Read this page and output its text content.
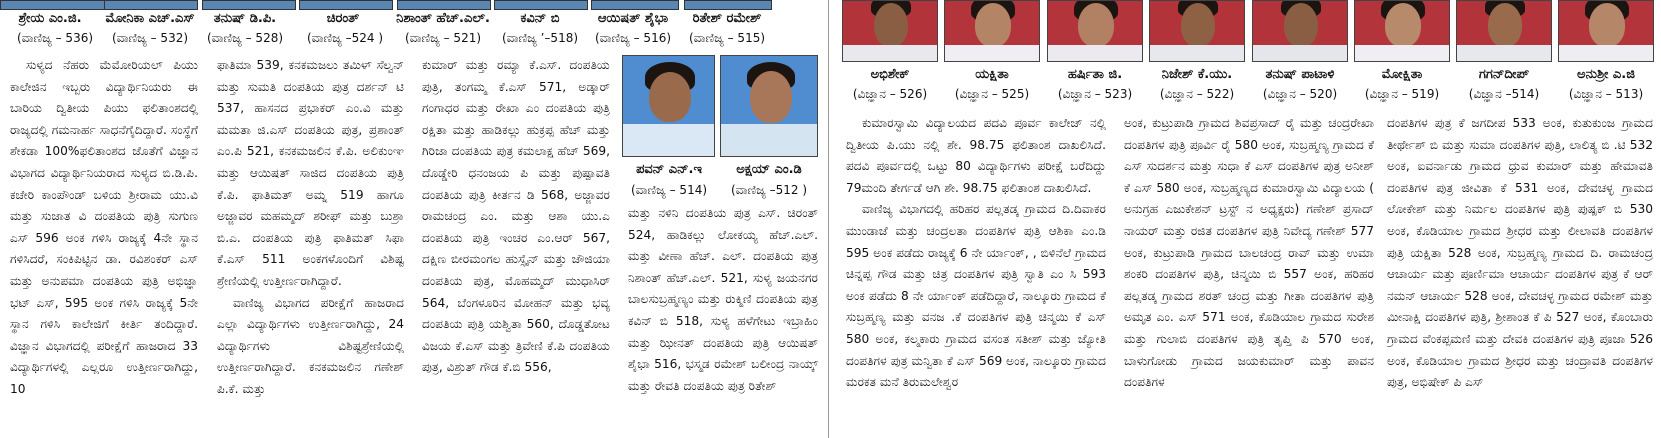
ಶ್ರೇಯ ಎಂ.ಜಿ.
(ವಾಣಿಜ್ಯ – 536)
ಮೋನಿಕಾ ಎಚ್.ಎಸ್
(ವಾಣಿಜ್ಯ – 532)
ತನುಷ್ ಡಿ.ಪಿ.
(ವಾಣಿಜ್ಯ – 528)
ಚಿರಂತ್
(ವಾಣಿಜ್ಯ –524 )
ನಿಶಾಂತ್ ಹೆಚ್.ಎಲ್.
(ವಾಣಿಜ್ಯ – 521)
ಕವಿನ್ ಬಿ
(ವಾಣಿಜ್ಯ ’–518)
ಆಯಿಷತ್ ಶೈಭಾ
(ವಾಣಿಜ್ಯ – 516)
ರಿತೇಶ್ ರಮೇಶ್
(ವಾಣಿಜ್ಯ – 515)
ಪವನ್ ಎನ್.ಇ
(ವಾಣಿಜ್ಯ – 514)
ಅಕ್ಷಯ್ ಎಂ.ಡಿ
(ವಾಣಿಜ್ಯ –512 )
ಅಭಿಶೇಕ್
(ವಿಜ್ಞಾನ – 526)
ಯಕ್ಷಿತಾ
(ವಿಜ್ಞಾನ – 525)
ಹರ್ಷಿತಾ ಜಿ.
(ವಿಜ್ಞಾನ – 523)
ನಿಜೇಶ್ ಕೆ.ಯು.
(ವಿಜ್ಞಾನ – 522)
ತನುಷ್ ಪಾಟಾಳಿ
(ವಿಜ್ಞಾನ – 520)
ಮೋಕ್ಷಿತಾ
(ವಿಜ್ಞಾನ – 519)
ಗಗನ್‌ದೀಪ್
(ವಿಜ್ಞಾನ –514)
ಅನುಶ್ರೀ ಎ.ಜಿ
(ವಿಜ್ಞಾನ – 513)

ಸುಳ್ಯದ ನೆಹರು ಮೆಮೋರಿಯಲ್ ಪಿಯು ಕಾಲೇಜಿನ ಇಬ್ಬರು ವಿದ್ಯಾರ್ಥಿನಿಯರು ಈ ಬಾರಿಯ ದ್ವಿತೀಯ ಪಿಯು ಫಲಿತಾಂಶದಲ್ಲಿ ರಾಜ್ಯದಲ್ಲಿ ಗಮನಾರ್ಹ ಸಾಧನೆಗೈದಿದ್ದಾರೆ. ಸಂಸ್ಥೆಗೆ ಶೇಕಡಾ 100%ಫಲಿತಾಂಶದ ಜೊತೆಗೆ ವಿಜ್ಞಾನ ವಿಭಾಗದ ವಿದ್ಯಾರ್ಥಿನಿಯರಾದ ಸುಳ್ಯದ ಬಿ.ಡಿ.ಪಿ. ಕಚೇರಿ ಕಾಂಪೌಂಡ್ ಬಳಿಯ ಶ್ರೀರಾಮ ಯು.ವಿ ಮತ್ತು ಸುಜಾತ ವಿ ದಂಪತಿಯ ಪುತ್ರಿ ಸುಗುಣ ಎಸ್ 596 ಅಂಕ ಗಳಿಸಿ ರಾಜ್ಯಕ್ಕೆ 4ನೇ ಸ್ಥಾನ ಗಳಿಸಿದರೆ, ಸಂಕಿಪಿಟ್ಟಿನ ಡಾ. ರವಿಶಂಕರ್ ಎಸ್ ಮತ್ತು ಅನುಪಮಾ ದಂಪತಿಯ ಪುತ್ರಿ ಅಭಿಜ್ಞಾ ಭಟ್ ಎಸ್, 595 ಅಂಕ ಗಳಿಸಿ ರಾಜ್ಯಕ್ಕೆ 5ನೇ ಸ್ಥಾನ ಗಳಿಸಿ ಕಾಲೇಜಿಗೆ ಕೀರ್ತಿ ತಂದಿದ್ದಾರೆ. ವಿಜ್ಞಾನ ವಿಭಾಗದಲ್ಲಿ ಪರೀಕ್ಷೆಗೆ ಹಾಜರಾದ 33 ವಿದ್ಯಾರ್ಥಿಗಳಲ್ಲಿ ಎಲ್ಲರೂ ಉತ್ತೀರ್ಣರಾಗಿದ್ದು, 10

ಫಾತಿಮಾ 539, ಕನಕಮಜಲು ತಮಿಳ್ ಸೆಲ್ವನ್ ಮತ್ತು ಸುಮತಿ ದಂಪತಿಯ ಪುತ್ರ ದರ್ಶನ್ ಟಿ 537, ಹಾಸನದ ಪ್ರಭಾಕರ್ ಎಂ.ವಿ ಮತ್ತು ಮಮತಾ ಜಿ.ಎಸ್ ದಂಪತಿಯ ಪುತ್ರ, ಪ್ರಶಾಂತ್ ಎಂ.ಪಿ 521, ಕನಕಮಜಲಿನ ಕೆ.ಪಿ. ಅಲಿಕುಂಞ ಮತ್ತು ಆಯಿಷತ್ ಸಾಜಿದ ದಂಪತಿಯ ಪುತ್ರಿ ಕೆ.ಪಿ. ಫಾತಿಮತ್ ಅಮ್ನ 519 ಹಾಗೂ ಅಜ್ಜಾವರ ಮಹಮ್ಮದ್ ಶರೀಫ್ ಮತ್ತು ಬುಶ್ರಾ ಬಿ.ಎ. ದಂಪತಿಯ ಪುತ್ರಿ ಫಾತಿಮತ್ ಸಿಫಾ ಕೆ.ಎಸ್ 511 ಅಂಕಗಳೊಂದಿಗೆ ವಿಶಿಷ್ಟ ಶ್ರೇಣಿಯಲ್ಲಿ ಉತ್ತೀರ್ಣರಾಗಿದ್ದಾರೆ.

ವಾಣಿಜ್ಯ ವಿಭಾಗದ ಪರೀಕ್ಷೆಗೆ ಹಾಜರಾದ ಎಲ್ಲಾ ವಿದ್ಯಾರ್ಥಿಗಳು ಉತ್ತೀರ್ಣರಾಗಿದ್ದು, 24 ವಿದ್ಯಾರ್ಥಿಗಳು ವಿಶಿಷ್ಟಶ್ರೇಣಿಯಲ್ಲಿ ಉತ್ತೀರ್ಣರಾಗಿದ್ದಾರೆ. ಕನಕಮಜಲಿನ ಗಣೇಶ್ ಪಿ.ಕೆ. ಮತ್ತು

ಕುಮಾರ್ ಮತ್ತು ರಮ್ಯಾ ಕೆ.ಎಸ್. ದಂಪತಿಯ ಪುತ್ರಿ, ತಂಗಮ್ಮ ಕೆ.ಎಸ್ 571, ಅಡ್ಕಾರ್ ಗಂಗಾಧರ ಮತ್ತು ರೇಖಾ ಎಂ ದಂಪತಿಯ ಪುತ್ರಿ ರಕ್ಷಿತಾ ಮತ್ತು ಹಾಡಿಕಲ್ಲು ಹುಕ್ರಪ್ಪ ಹೆಚ್ ಮತ್ತು ಗಿರಿಜಾ ದಂಪತಿಯ ಪುತ್ರ ಕಮಲಾಕ್ಷ ಹೆಚ್ 569, ದೊಡ್ಡೇರಿ ಧನಂಜಯ ಪಿ ಮತ್ತು ಪುಷ್ಪಾವತಿ ದಂಪತಿಯ ಪುತ್ರಿ ಕೀರ್ತನ ಡಿ 568, ಅಜ್ಜಾವರ ರಾಮಚಂದ್ರ ಎಂ. ಮತ್ತು ಆಶಾ ಯು.ಎ ದಂಪತಿಯ ಪುತ್ರಿ ಇಂಚರ ಎಂ.ಆರ್ 567, ದಕ್ಷಿಣ ಬೀರಮಂಗಲ ಹುಸ್ಸೈನ್ ಮತ್ತು ಜೌಜಿಯಾ ದಂಪತಿಯ ಪುತ್ರ, ಮೊಹಮ್ಮದ್ ಮುಧಾಸಿರ್ 564, ಬೆಂಗಳೂರಿನ ಮೋಹನ್ ಮತ್ತು ಭವ್ಯ ದಂಪತಿಯ ಪುತ್ರಿ ಯಶ್ವಿತಾ 560, ದೊಡ್ಡತೋಟ ವಿಜಯ ಕೆ.ಎಸ್ ಮತ್ತು ತ್ರಿವೇಣಿ ಕೆ.ಪಿ ದಂಪತಿಯ ಪುತ್ರ, ವಿಶ್ರುತ್ ಗೌಡ ಕೆ.ಬಿ 556,

ಮತ್ತು ನಳಿನಿ ದಂಪತಿಯ ಪುತ್ರ ಎಸ್. ಚಿರಂತ್ 524, ಹಾಡಿಕಲ್ಲು ಲೋಕಯ್ಯ ಹೆಚ್.ಎಲ್. ಮತ್ತು ವೀಣಾ ಹೆಚ್. ಎಲ್. ದಂಪತಿಯ ಪುತ್ರ ನಿಶಾಂತ್ ಹೆಚ್.ಎಲ್. 521, ಸುಳ್ಯ ಜಯನಗರ ಬಾಲಸುಬ್ರಹ್ಮಣ್ಯಂ ಮತ್ತು ರುಕ್ಮಿಣಿ ದಂಪತಿಯ ಪುತ್ರ ಕವಿನ್ ಬಿ 518, ಸುಳ್ಯ ಹಳೆಗೇಟು ಇಬ್ರಾಹಿಂ ಮತ್ತು ಝೀನತ್ ದಂಪತಿಯ ಪುತ್ರಿ ಆಯಿಷತ್ ಶೈಭಾ 516, ಭಸ್ಮಡ ರಮೇಶ್ ಬಲೀಂದ್ರ ನಾಯ್ಕ್ ಮತ್ತು ರೇವತಿ ದಂಪತಿಯ ಪುತ್ರ ರಿತೇಶ್

ಕುಮಾರಸ್ವಾಮಿ ವಿದ್ಯಾಲಯದ ಪದವಿ ಪೂರ್ವ ಕಾಲೇಜ್ ನಲ್ಲಿ ದ್ವಿತೀಯ ಪಿ.ಯು ನಲ್ಲಿ ಶೇ. 98.75 ಫಲಿತಾಂಶ ದಾಖಲಿಸಿದೆ. ಪದವಿ ಪೂರ್ವದಲ್ಲಿ ಒಟ್ಟು 80 ವಿದ್ಯಾರ್ಥಿಗಳು ಪರೀಕ್ಷೆ ಬರೆದಿದ್ದು 79ಮಂದಿ ತೇರ್ಗಡೆ ಆಗಿ ಶೇ. 98.75 ಫಲಿತಾಂಶ ದಾಖಲಿಸಿದೆ.

ವಾಣಿಜ್ಯ ವಿಭಾಗದಲ್ಲಿ ಹರಿಹರ ಪಲ್ಲತಡ್ಕ ಗ್ರಾಮದ ದಿ.ದಿವಾಕರ ಮುಂಡಾಜೆ ಮತ್ತು ಚಂದ್ರಲತಾ ದಂಪತಿಗಳ ಪುತ್ರಿ ಆಶಿಕಾ ಎಂ.ಡಿ 595 ಅಂಕ ಪಡೆದು ರಾಜ್ಯಕ್ಕೆ 6 ನೇ ರ್ಯಾಂಕ್, , ಬಿಳಿನೆಲೆ ಗ್ರಾಮದ ಚಿನ್ನಪ್ಪ ಗೌಡ ಮತ್ತು ಚಿತ್ರ ದಂಪತಿಗಳ ಪುತ್ರಿ ಸ್ವಾತಿ ಎಂ ಸಿ 593 ಅಂಕ ಪಡೆದು 8 ನೇ ರ್ಯಾಂಕ್ ಪಡೆದಿದ್ದಾರೆ, ನಾಲ್ಕೂರು ಗ್ರಾಮದ ಕೆ ಸುಬ್ರಹ್ಮಣ್ಯ ಮತ್ತು ವನಜ .ಕೆ ದಂಪತಿಗಳ ಪುತ್ರಿ ಚಿನ್ಮಯಿ ಕೆ ಎಸ್ 580 ಅಂಕ, ಕಲ್ಮಕಾರು ಗ್ರಾಮದ ವಸಂತ ಸತೀಶ್ ಮತ್ತು ಜ್ಯೋತಿ ದಂಪತಿಗಳ ಪುತ್ರ ಮನ್ವಿತಾ ಕೆ ಎಸ್ 569 ಅಂಕ, ನಾಲ್ಕೂರು ಗ್ರಾಮದ ಮರಕತ ಮನೆ ತಿರುಮಲೇಶ್ವರ

ಅಂಕ, ಕುಟ್ರುಪಾಡಿ ಗ್ರಾಮದ ಶಿವಪ್ರಸಾದ್ ರೈ ಮತ್ತು ಚಂದ್ರರೇಖಾ ದಂಪತಿಗಳ ಪುತ್ರಿ ಪೂರ್ವಿ ರೈ 580 ಅಂಕ, ಸುಬ್ರಹ್ಮಣ್ಯ ಗ್ರಾಮದ ಕೆ ಎಸ್ ಸುದರ್ಶನ ಮತ್ತು ಸುಧಾ ಕೆ ಎಸ್ ದಂಪತಿಗಳ ಪುತ್ರ ಅನೀಶ್ ಕೆ ಎಸ್ 580 ಅಂಕ, ಸುಬ್ರಹ್ಮಣ್ಯದ ಕುಮಾರಸ್ವಾಮಿ ವಿದ್ಯಾಲಯ ( ಅನುಗ್ರಹ ಎಜುಕೇಶನ್ ಟ್ರಸ್ಟ್ ನ ಅಧ್ಯಕ್ಷರು) ಗಣೇಶ್ ಪ್ರಸಾದ್ ನಾಯರ್ ಮತ್ತು ರಜಿತ ದಂಪತಿಗಳ ಪುತ್ರಿ ನಿವೇದ್ಯ ಗಣೇಶ್ 577 ಅಂಕ, ಕುಟ್ರುಪಾಡಿ ಗ್ರಾಮದ ಬಾಲಚಂದ್ರ ರಾವ್ ಮತ್ತು ಉಮಾ ಶಂಕರಿ ದಂಪತಿಗಳ ಪುತ್ರಿ, ಚಿನ್ಮಯಿ ಬಿ 557 ಅಂಕ, ಹರಿಹರ ಪಲ್ಲತಡ್ಕ ಗ್ರಾಮದ ಶರತ್ ಚಂದ್ರ ಮತ್ತು ಗೀತಾ ದಂಪತಿಗಳ ಪುತ್ರಿ ಅಮೃತ ಎಂ. ಎಸ್ 571 ಅಂಕ, ಕೊಡಿಯಾಲ ಗ್ರಾಮದ ಸುರೇಶ ಮತ್ತು ಗುಲಾಬಿ ದಂಪತಿಗಳ ಪುತ್ರಿ ತೃಪ್ತಿ ಪಿ 570 ಅಂಕ, ಬಾಳುಗೋಡು ಗ್ರಾಮದ ಜಯಕುಮಾರ್ ಮತ್ತು ಪಾವನ ದಂಪತಿಗಳ

ದಂಪತಿಗಳ ಪುತ್ರ ಕೆ ಜಗದೀಪ 533 ಅಂಕ, ಕುತುಕುಂಜ ಗ್ರಾಮದ ತೀರ್ಥೇಶ್ ಬಿ ಮತ್ತು ಸುಮಾ ದಂಪತಿಗಳ ಪುತ್ರಿ, ಲಾಲಿತ್ಯ ಬಿ .ಟಿ 532 ಅಂಕ, ಐವರ್ನಾಡು ಗ್ರಾಮದ ಧ್ರುವ ಕುಮಾರ್ ಮತ್ತು ಹೇಮಾವತಿ ದಂಪತಿಗಳ ಪುತ್ರ ಜೀವಿತಾ ಕೆ 531 ಅಂಕ, ದೇವಚಳ್ಳ ಗ್ರಾಮದ ಲೋಕೇಶ್ ಮತ್ತು ನಿರ್ಮಲ ದಂಪತಿಗಳ ಪುತ್ರಿ ಪುಷ್ಪಕ್ ಬಿ 530 ಅಂಕ, ಕೊಡಿಯಾಲ ಗ್ರಾಮದ ಶ್ರೀಧರ ಮತ್ತು ಲೀಲಾವತಿ ದಂಪತಿಗಳ ಪುತ್ರಿ ಯಕ್ಷಿತಾ 528 ಅಂಕ, ಸುಬ್ರಹ್ಮಣ್ಯ ಗ್ರಾಮದ ದಿ. ರಾಮಚಂದ್ರ ಆಚಾರ್ಯ ಮತ್ತು ಪೂರ್ಣಿಮಾ ಆಚಾರ್ಯ ದಂಪತಿಗಳ ಪುತ್ರ ಕೆ ಆರ್ ನಮನ್ ಆಚಾರ್ಯ 528 ಅಂಕ, ದೇವಚಳ್ಳ ಗ್ರಾಮದ ರಮೇಶ್ ಮತ್ತು ಮೀನಾಕ್ಷಿ ದಂಪತಿಗಳ ಪುತ್ರಿ, ಶ್ರೀಶಾಂತ ಕೆ ಪಿ 527 ಅಂಕ, ಕೊಂಬಾರು ಗ್ರಾಮದ ವೆಂಕಪ್ಪಮಣಿ ಮತ್ತು ದೇವಕಿ ದಂಪತಿಗಳ ಪುತ್ರಿ ಪೂಜಾ 526 ಅಂಕ, ಕೊಡಿಯಾಲ ಗ್ರಾಮದ ಶ್ರೀಧರ ಮತ್ತು ಚಂದ್ರಾವತಿ ದಂಪತಿಗಳ ಪುತ್ರ, ಅಭಿಷೇಕ್ ಪಿ ಎಸ್
